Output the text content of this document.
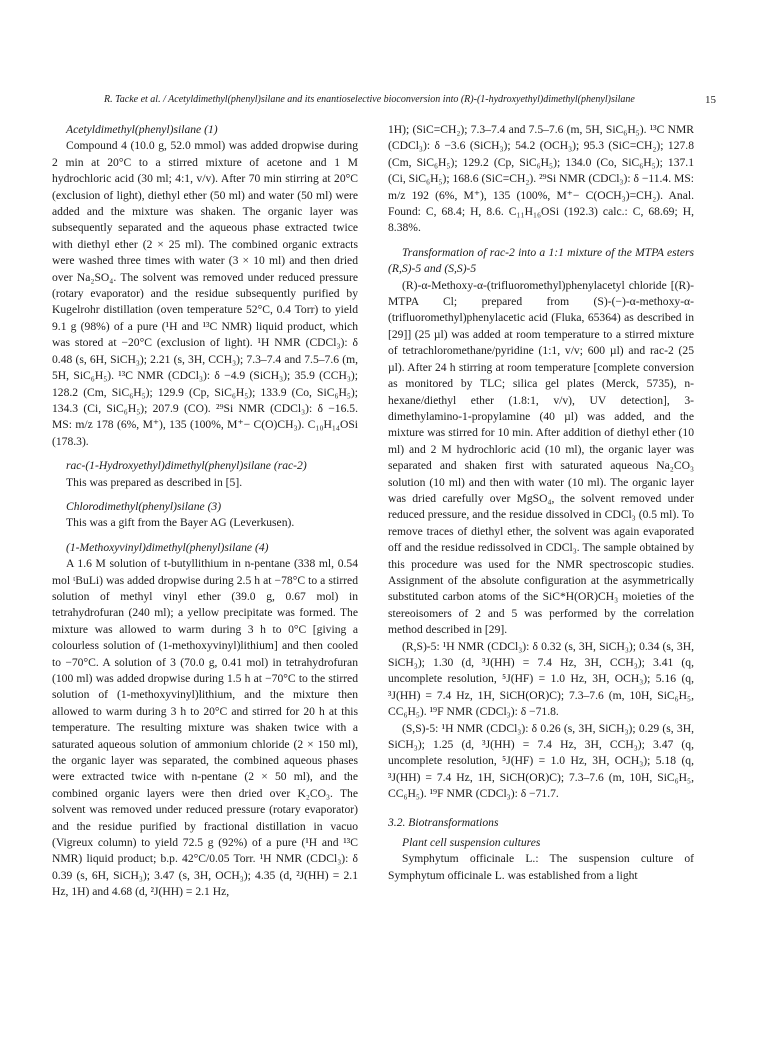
R. Tacke et al. / Acetyldimethyl(phenyl)silane and its enantioselective bioconversion into (R)-(1-hydroxyethyl)dimethyl(phenyl)silane	15
Acetyldimethyl(phenyl)silane (1)

Compound 4 (10.0 g, 52.0 mmol) was added dropwise during 2 min at 20°C to a stirred mixture of acetone and 1 M hydrochloric acid (30 ml; 4:1, v/v). After 70 min stirring at 20°C (exclusion of light), diethyl ether (50 ml) and water (50 ml) were added and the mixture was shaken. The organic layer was subsequently separated and the aqueous phase extracted twice with diethyl ether (2 × 25 ml). The combined organic extracts were washed three times with water (3 × 10 ml) and then dried over Na₂SO₄. The solvent was removed under reduced pressure (rotary evaporator) and the residue subsequently purified by Kugelrohr distillation (oven temperature 52°C, 0.4 Torr) to yield 9.1 g (98%) of a pure (¹H and ¹³C NMR) liquid product, which was stored at −20°C (exclusion of light). ¹H NMR (CDCl₃): δ 0.48 (s, 6H, SiCH₃); 2.21 (s, 3H, CCH₃); 7.3–7.4 and 7.5–7.6 (m, 5H, SiC₆H₅). ¹³C NMR (CDCl₃): δ −4.9 (SiCH₃); 35.9 (CCH₃); 128.2 (Cm, SiC₆H₅); 129.9 (Cp, SiC₆H₅); 133.9 (Co, SiC₆H₅); 134.3 (Ci, SiC₆H₅); 207.9 (CO). ²⁹Si NMR (CDCl₃): δ −16.5. MS: m/z 178 (6%, M⁺), 135 (100%, M⁺− C(O)CH₃). C₁₀H₁₄OSi (178.3).

rac-(1-Hydroxyethyl)dimethyl(phenyl)silane (rac-2)

This was prepared as described in [5].

Chlorodimethyl(phenyl)silane (3)

This was a gift from the Bayer AG (Leverkusen).

(1-Methoxyvinyl)dimethyl(phenyl)silane (4)

A 1.6 M solution of t-butyllithium in n-pentane (338 ml, 0.54 mol ᵗBuLi) was added dropwise during 2.5 h at −78°C to a stirred solution of methyl vinyl ether (39.0 g, 0.67 mol) in tetrahydrofuran (240 ml); a yellow precipitate was formed. The mixture was allowed to warm during 3 h to 0°C [giving a colourless solution of (1-methoxyvinyl)lithium] and then cooled to −70°C. A solution of 3 (70.0 g, 0.41 mol) in tetrahydrofuran (100 ml) was added dropwise during 1.5 h at −70°C to the stirred solution of (1-methoxyvinyl)lithium, and the mixture then allowed to warm during 3 h to 20°C and stirred for 20 h at this temperature. The resulting mixture was shaken twice with a saturated aqueous solution of ammonium chloride (2 × 150 ml), the organic layer was separated, the combined aqueous phases were extracted twice with n-pentane (2 × 50 ml), and the combined organic layers were then dried over K₂CO₃. The solvent was removed under reduced pressure (rotary evaporator) and the residue purified by fractional distillation in vacuo (Vigreux column) to yield 72.5 g (92%) of a pure (¹H and ¹³C NMR) liquid product; b.p. 42°C/0.05 Torr. ¹H NMR (CDCl₃): δ 0.39 (s, 6H, SiCH₃); 3.47 (s, 3H, OCH₃); 4.35 (d, ²J(HH) = 2.1 Hz, 1H) and 4.68 (d, ²J(HH) = 2.1 Hz,

1H); (SiC=CH₂); 7.3–7.4 and 7.5–7.6 (m, 5H, SiC₆H₅). ¹³C NMR (CDCl₃): δ −3.6 (SiCH₃); 54.2 (OCH₃); 95.3 (SiC=CH₂); 127.8 (Cm, SiC₆H₅); 129.2 (Cp, SiC₆H₅); 134.0 (Co, SiC₆H₅); 137.1 (Ci, SiC₆H₅); 168.6 (SiC=CH₂). ²⁹Si NMR (CDCl₃): δ −11.4. MS: m/z 192 (6%, M⁺), 135 (100%, M⁺− C(OCH₃)=CH₂). Anal. Found: C, 68.4; H, 8.6. C₁₁H₁₆OSi (192.3) calc.: C, 68.69; H, 8.38%.

Transformation of rac-2 into a 1:1 mixture of the MTPA esters (R,S)-5 and (S,S)-5

(R)-α-Methoxy-α-(trifluoromethyl)phenylacetyl chloride [(R)-MTPA Cl; prepared from (S)-(−)-α-methoxy-α-(trifluoromethyl)phenylacetic acid (Fluka, 65364) as described in [29]] (25 µl) was added at room temperature to a stirred mixture of tetrachloromethane/pyridine (1:1, v/v; 600 µl) and rac-2 (25 µl). After 24 h stirring at room temperature [complete conversion as monitored by TLC; silica gel plates (Merck, 5735), n-hexane/diethyl ether (1.8:1, v/v), UV detection], 3-dimethylamino-1-propylamine (40 µl) was added, and the mixture was stirred for 10 min. After addition of diethyl ether (10 ml) and 2 M hydrochloric acid (10 ml), the organic layer was separated and shaken first with saturated aqueous Na₂CO₃ solution (10 ml) and then with water (10 ml). The organic layer was dried carefully over MgSO₄, the solvent removed under reduced pressure, and the residue dissolved in CDCl₃ (0.5 ml). To remove traces of diethyl ether, the solvent was again evaporated off and the residue redissolved in CDCl₃. The sample obtained by this procedure was used for the NMR spectroscopic studies. Assignment of the absolute configuration at the asymmetrically substituted carbon atoms of the SiC*H(OR)CH₃ moieties of the stereoisomers of 2 and 5 was performed by the correlation method described in [29].

(R,S)-5: ¹H NMR (CDCl₃): δ 0.32 (s, 3H, SiCH₃); 0.34 (s, 3H, SiCH₃); 1.30 (d, ³J(HH) = 7.4 Hz, 3H, CCH₃); 3.41 (q, uncomplete resolution, ⁵J(HF) = 1.0 Hz, 3H, OCH₃); 5.16 (q, ³J(HH) = 7.4 Hz, 1H, SiCH(OR)C); 7.3–7.6 (m, 10H, SiC₆H₅, CC₆H₅). ¹⁹F NMR (CDCl₃): δ −71.8.

(S,S)-5: ¹H NMR (CDCl₃): δ 0.26 (s, 3H, SiCH₃); 0.29 (s, 3H, SiCH₃); 1.25 (d, ³J(HH) = 7.4 Hz, 3H, CCH₃); 3.47 (q, uncomplete resolution, ⁵J(HF) = 1.0 Hz, 3H, OCH₃); 5.18 (q, ³J(HH) = 7.4 Hz, 1H, SiCH(OR)C); 7.3–7.6 (m, 10H, SiC₆H₅, CC₆H₅). ¹⁹F NMR (CDCl₃): δ −71.7.

3.2. Biotransformations
Plant cell suspension cultures

Symphytum officinale L.: The suspension culture of Symphytum officinale L. was established from a light
